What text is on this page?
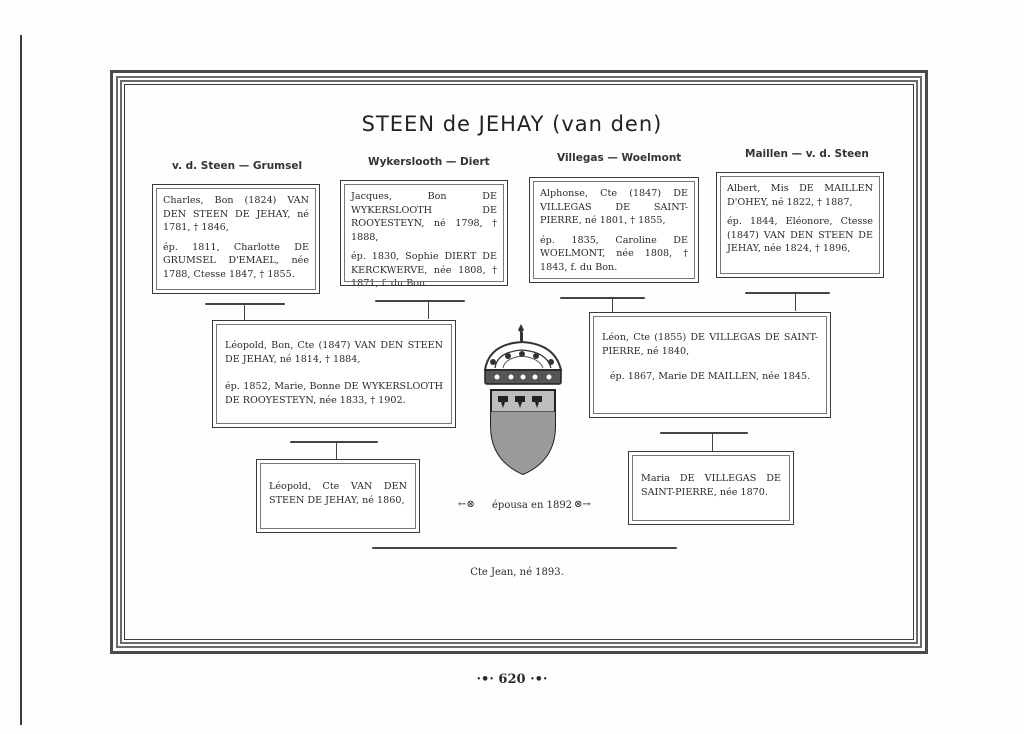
STEEN de JEHAY (van den)
v. d. Steen — Grumsel	Wykerslooth — Diert	Villegas — Woelmont	Maillen — v. d. Steen

Charles, Bon (1824) VAN DEN STEEN DE JEHAY, né 1781, † 1846,

ép. 1811, Charlotte DE GRUMSEL D'EMAEL, née 1788, Ctesse 1847, † 1855.

Jacques, Bon DE WYKERSLOOTH DE ROOYESTEYN, né 1798, † 1888,

ép. 1830, Sophie DIERT DE KERCKWERVE, née 1808, † 1871, f. du Bon.

Alphonse, Cte (1847) DE VILLEGAS DE SAINT-PIERRE, né 1801, † 1855,

ép. 1835, Caroline DE WOELMONT, née 1808, † 1843, f. du Bon.

Albert, Mis DE MAILLEN D'OHEY, né 1822, † 1887,

ép. 1844, Eléonore, Ctesse (1847) VAN DEN STEEN DE JEHAY, née 1824, † 1896,

Léopold, Bon, Cte (1847) VAN DEN STEEN DE JEHAY, né 1814, † 1884,

ép. 1852, Marie, Bonne DE WYKERSLOOTH DE ROOYESTEYN, née 1833, † 1902.

Léon, Cte (1855) DE VILLEGAS DE SAINT-PIERRE, né 1840,

ép. 1867, Marie DE MAILLEN, née 1845.

Léopold, Cte VAN DEN STEEN DE JEHAY, né 1860,

Maria DE VILLEGAS DE SAINT-PIERRE, née 1870.

←⊗ épousa en 1892 ⊗→
Cte Jean, né 1893.
·•· 620 ·•·
